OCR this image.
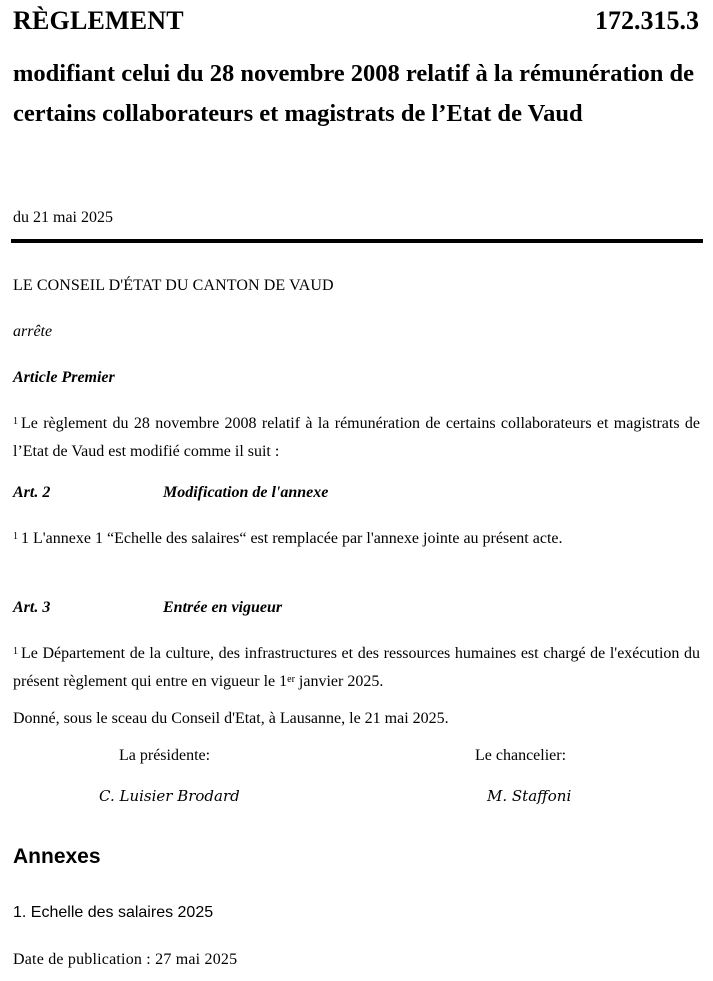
RÈGLEMENT	172.315.3
modifiant celui du 28 novembre 2008 relatif à la rémunération de certains collaborateurs et magistrats de l’Etat de Vaud
du 21 mai 2025
LE CONSEIL D'ÉTAT DU CANTON DE VAUD
arrête
Article Premier
$^1$ Le règlement du 28 novembre 2008 relatif à la rémunération de certains collaborateurs et magistrats de l’Etat de Vaud est modifié comme il suit :
Art. 2	Modification de l'annexe
$^1$ 1 L'annexe 1 “Echelle des salaires“ est remplacée par l'annexe jointe au présent acte.
Art. 3	Entrée en vigueur
$^1$ Le Département de la culture, des infrastructures et des ressources humaines est chargé de l'exécution du présent règlement qui entre en vigueur le 1er janvier 2025.
Donné, sous le sceau du Conseil d'Etat, à Lausanne, le 21 mai 2025.
La présidente:
C. Luisier Brodard
Le chancelier:
M. Staffoni
Annexes
1. Echelle des salaires 2025
Date de publication : 27 mai 2025
